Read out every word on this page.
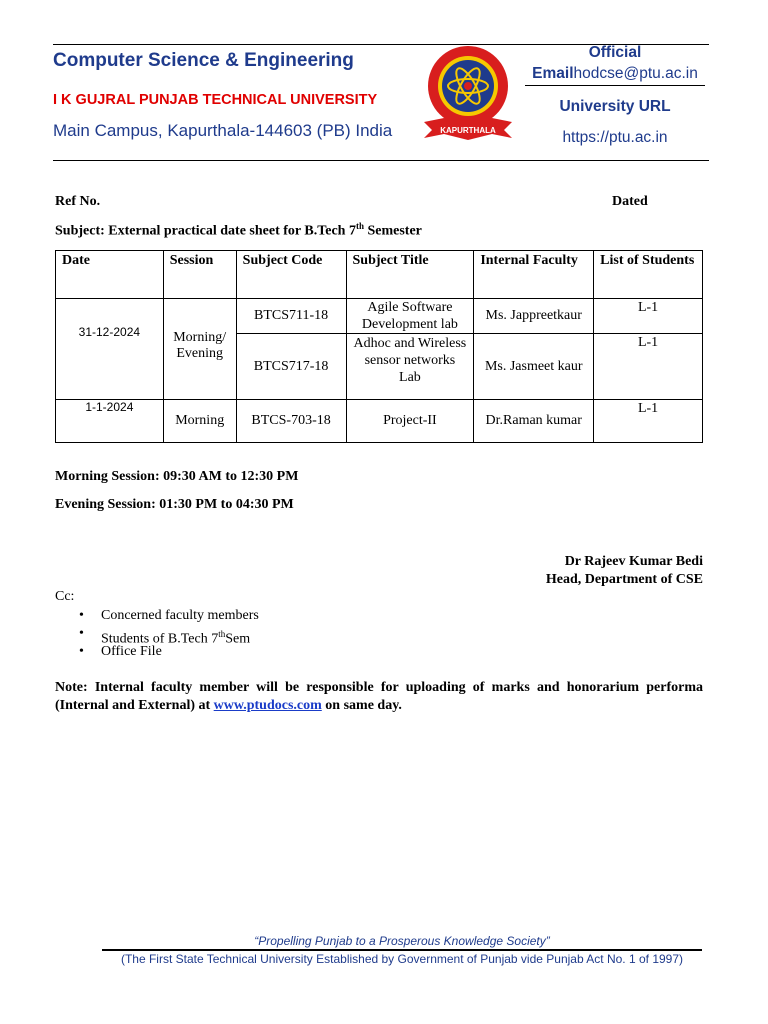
Computer Science & Engineering
I K GUJRAL PUNJAB TECHNICAL UNIVERSITY
Main Campus, Kapurthala-144603 (PB) India	KAPURTHALA
Official
Emailhodcse@ptu.ac.in
University URL
https://ptu.ac.in
Ref No.	Dated
Subject: External practical date sheet for B.Tech 7th Semester
Date	Session	Subject Code	Subject Title	Internal Faculty	List of Students
31-12-2024	Morning/ Evening	BTCS711-18	Agile Software Development lab	Ms. Jappreetkaur	L-1
		BTCS717-18	Adhoc and Wireless sensor networks Lab	Ms. Jasmeet kaur	L-1
1-1-2024	Morning	BTCS-703-18	Project-II	Dr.Raman kumar	L-1
Morning Session: 09:30 AM to 12:30 PM
Evening Session: 01:30 PM to 04:30 PM
Dr Rajeev Kumar Bedi
Head, Department of CSE
Cc:
• Concerned faculty members
• Students of B.Tech 7thSem
• Office File
Note: Internal faculty member will be responsible for uploading of marks and honorarium performa (Internal and External) at www.ptudocs.com on same day.
“Propelling Punjab to a Prosperous Knowledge Society”
(The First State Technical University Established by Government of Punjab vide Punjab Act No. 1 of 1997)
